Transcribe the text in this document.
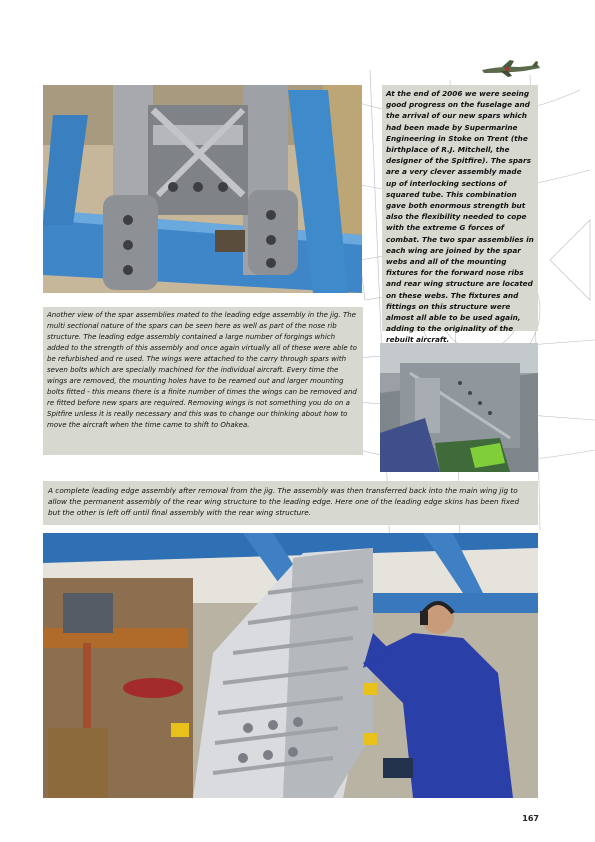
At the end of 2006 we were seeing good progress on the fuselage and the arrival of our new spars which had been made by Supermarine Engineering in Stoke on Trent (the birthplace of R.J. Mitchell, the designer of the Spitfire). The spars are a very clever assembly made up of interlocking sections of squared tube. This combination gave both enormous strength but also the flexibility needed to cope with the extreme G forces of combat. The two spar assemblies in each wing are joined by the spar webs and all of the mounting fixtures for the forward nose ribs and rear wing structure are located on these webs. The fixtures and fittings on this structure were almost all able to be used again, adding to the originality of the rebuilt aircraft.
Another view of the spar assemblies mated to the leading edge assembly in the jig. The multi sectional nature of the spars can be seen here as well as part of the nose rib structure. The leading edge assembly contained a large number of forgings which added to the strength of this assembly and once again virtually all of these were able to be refurbished and re used. The wings were attached to the carry through spars with seven bolts which are specially machined for the individual aircraft. Every time the wings are removed, the mounting holes have to be reamed out and larger mounting bolts fitted - this means there is a finite number of times the wings can be removed and re fitted before new spars are required. Removing wings is not something you do on a Spitfire unless it is really necessary and this was to change our thinking about how to move the aircraft when the time came to shift to Ohakea.
A complete leading edge assembly after removal from the jig. The assembly was then transferred back into the main wing jig to allow the permanent assembly of the rear wing structure to the leading edge. Here one of the leading edge skins has been fixed but the other is left off until final assembly with the rear wing structure.
167
